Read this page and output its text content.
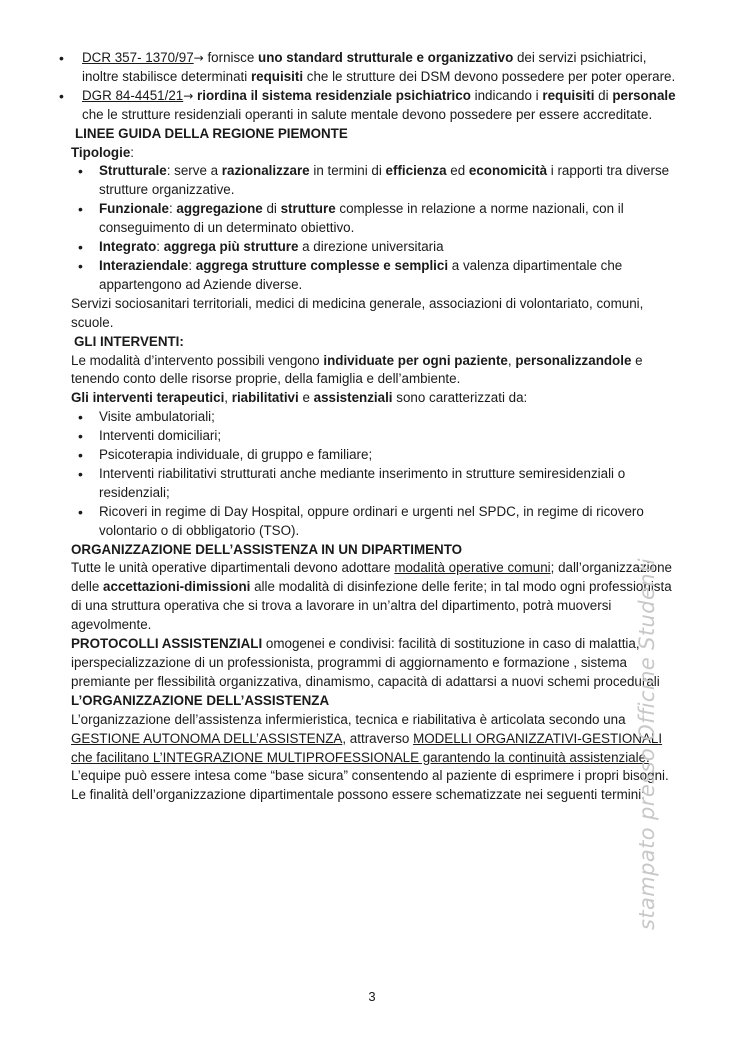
• DCR 357- 1370/97→ fornisce uno standard strutturale e organizzativo dei servizi psichiatrici, inoltre stabilisce determinati requisiti che le strutture dei DSM devono possedere per poter operare.
• DGR 84-4451/21→ riordina il sistema residenziale psichiatrico indicando i requisiti di personale che le strutture residenziali operanti in salute mentale devono possedere per essere accreditate.

LINEE GUIDA DELLA REGIONE PIEMONTE

Tipologie:

• Strutturale: serve a razionalizzare in termini di efficienza ed economicità i rapporti tra diverse strutture organizzative.
• Funzionale: aggregazione di strutture complesse in relazione a norme nazionali, con il conseguimento di un determinato obiettivo.
• Integrato: aggrega più strutture a direzione universitaria
• Interaziendale: aggrega strutture complesse e semplici a valenza dipartimentale che appartengono ad Aziende diverse.

Servizi sociosanitari territoriali, medici di medicina generale, associazioni di volontariato, comuni, scuole.

GLI INTERVENTI:

Le modalità d’intervento possibili vengono individuate per ogni paziente, personalizzandole e tenendo conto delle risorse proprie, della famiglia e dell’ambiente.

Gli interventi terapeutici, riabilitativi e assistenziali sono caratterizzati da:

• Visite ambulatoriali;
• Interventi domiciliari;
• Psicoterapia individuale, di gruppo e familiare;
• Interventi riabilitativi strutturati anche mediante inserimento in strutture semiresidenziali o residenziali;
• Ricoveri in regime di Day Hospital, oppure ordinari e urgenti nel SPDC, in regime di ricovero volontario o di obbligatorio (TSO).

ORGANIZZAZIONE DELL’ASSISTENZA IN UN DIPARTIMENTO

Tutte le unità operative dipartimentali devono adottare modalità operative comuni; dall’organizzazione delle accettazioni-dimissioni alle modalità di disinfezione delle ferite; in tal modo ogni professionista di una struttura operativa che si trova a lavorare in un’altra del dipartimento, potrà muoversi agevolmente.

PROTOCOLLI ASSISTENZIALI omogenei e condivisi: facilità di sostituzione in caso di malattia, iperspecializzazione di un professionista, programmi di aggiornamento e formazione , sistema premiante per flessibilità organizzativa, dinamismo, capacità di adattarsi a nuovi schemi procedurali

L’ORGANIZZAZIONE DELL’ASSISTENZA

L’organizzazione dell’assistenza infermieristica, tecnica e riabilitativa è articolata secondo una GESTIONE AUTONOMA DELL’ASSISTENZA, attraverso MODELLI ORGANIZZATIVI-GESTIONALI che facilitano L’INTEGRAZIONE MULTIPROFESSIONALE garantendo la continuità assistenziale.

L’equipe può essere intesa come “base sicura” consentendo al paziente di esprimere i propri bisogni.

Le finalità dell’organizzazione dipartimentale possono essere schematizzate nei seguenti termini:

stampato presso Officine Studenti
3
